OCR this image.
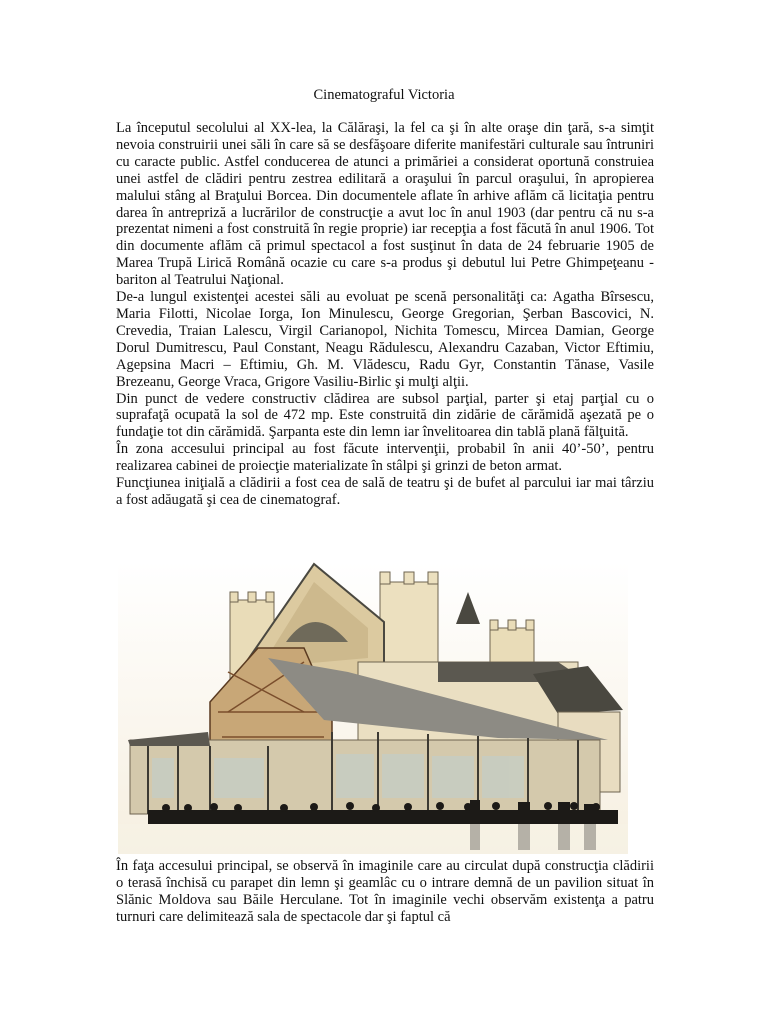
Cinematograful Victoria

La începutul secolului al XX-lea, la Călăraşi, la fel ca şi în alte oraşe din ţară, s-a simţit nevoia construirii unei săli în care să se desfăşoare diferite manifestări culturale sau întruniri cu caracte public. Astfel conducerea de atunci a primăriei a considerat oportună construiea unei astfel de clădiri pentru zestrea edilitară a oraşului în parcul oraşului, în apropierea malului stâng al Braţului Borcea. Din documentele aflate în arhive aflăm că licitaţia pentru darea în antrepriză a lucrărilor de construcţie a avut loc în anul 1903 (dar pentru că nu s-a prezentat nimeni a fost construită în regie proprie) iar recepţia a fost făcută în anul 1906. Tot din documente aflăm că primul spectacol a fost susţinut în data de 24 februarie 1905 de Marea Trupă Lirică Română ocazie cu care s-a produs şi debutul lui Petre Ghimpeţeanu - bariton al Teatrului Naţional.

De-a lungul existenţei acestei săli au evoluat pe scenă personalităţi ca: Agatha Bîrsescu, Maria Filotti, Nicolae Iorga, Ion Minulescu, George Gregorian, Şerban Bascovici, N. Crevedia, Traian Lalescu, Virgil Carianopol, Nichita Tomescu, Mircea Damian, George Dorul Dumitrescu, Paul Constant, Neagu Rădulescu, Alexandru Cazaban, Victor Eftimiu, Agepsina Macri – Eftimiu, Gh. M. Vlădescu, Radu Gyr, Constantin Tănase, Vasile Brezeanu, George Vraca, Grigore Vasiliu-Birlic şi mulţi alţii.

Din punct de vedere constructiv clădirea are subsol parţial, parter şi etaj parţial cu o suprafaţă ocupată la sol de 472 mp. Este construită din zidărie de cărămidă aşezată pe o fundaţie tot din cărămidă. Şarpanta este din lemn iar învelitoarea din tablă plană fălţuită.

În zona accesului principal au fost făcute intervenţii, probabil în anii 40’-50’, pentru realizarea cabinei de proiecţie materializate în stâlpi şi grinzi de beton armat.

Funcţiunea iniţială a clădirii a fost cea de sală de teatru şi de bufet al parcului iar mai târziu a fost adăugată şi cea de cinematograf.

În faţa accesului principal, se observă în imaginile care au circulat după construcţia clădirii o terasă închisă cu parapet din lemn şi geamlâc cu o intrare demnă de un pavilion situat în Slănic Moldova sau Băile Herculane. Tot în imaginile vechi observăm existenţa a patru turnuri care delimitează sala de spectacole dar şi faptul că
